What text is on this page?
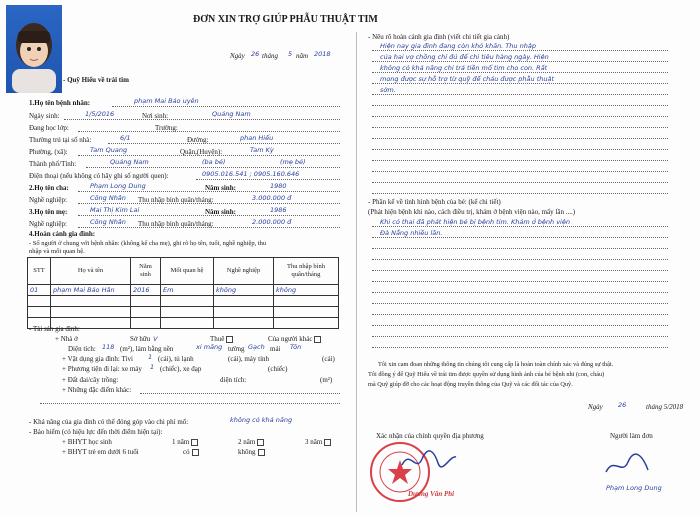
ĐƠN XIN TRỢ GIÚP PHẪU THUẬT TIM
Ngày 26 tháng 5 năm 2018
- Quỹ Hiểu về trái tim
1.Họ tên bệnh nhân:	phạm Mai Bảo uyên
Ngày sinh:	1/5/2016	Nơi sinh:	Quảng Nam
Đang học lớp:	Trường:
Thường trú tại số nhà:	6/1	Đường:	phan Hiếu
Phường, (xã):	Tam Quang	Quận,(Huyện):	Tam Kỳ
Thành phố/Tỉnh:	Quảng Nam	(ba bé)	(mẹ bé)
Điện thoại (nếu không có hãy ghi số người quen):	0905.016.541 ; 0905.160.646
2.Họ tên cha:	Phạm Long Dung	Năm sinh:	1980
Nghề nghiệp:	Công Nhân Thu nhập bình quân/tháng:	3.000.000 đ
3.Họ tên mẹ:	Mai Thị Kim Lai	Năm sinh:	1986
Nghề nghiệp:	Công Nhân Thu nhập bình quân/tháng:	2.000.000 đ
4.Hoàn cảnh gia đình:
- Số người ở chung với bệnh nhân: (không kể cha mẹ), ghi rõ họ tên, tuổi, nghề nghiệp, thu
nhập và mối quan hệ.
STT	Họ và tên	Năm sinh	Mối quan hệ	Nghề nghiệp	Thu nhập bình quân/tháng
01	phạm Mai Bảo Hân	2016	Em	không	không

- Tài sản gia đình:
+ Nhà ở	Sở hữu V	Thuê	Của người khác
Diện tích: 118 (m²), làm bằng nền	xi măng tường Gạch mái Tôn
+ Vật dụng gia đình: Tivi 1 (cái), tủ lạnh	(cái), máy tính	(cái)
+ Phương tiện đi lại: xe máy 1 (chiếc), xe đạp	(chiếc)
+ Đất đai/cây trồng:	diện tích:	(m²)
+ Những đặc điểm khác:
- Khả năng của gia đình có thể đóng góp vào chi phí mổ:	không có khả năng
- Bảo hiểm (có hiệu lực đến thời điểm hiện tại):
+ BHYT học sinh	1 năm	2 năm	3 năm
+ BHYT trẻ em dưới 6 tuổi	có	không
- Nêu rõ hoàn cảnh gia đình (viết chi tiết gia cảnh)
Hiện nay gia đình đang còn khó khăn. Thu nhập
của hai vợ chồng chỉ đủ để chi tiêu hàng ngày. Hiện
không có khả năng chi trả tiền mổ tim cho con. Rất
mong được sự hỗ trợ từ quỹ để cháu được phẫu thuật
sớm.
- Phần kể về tình hình bệnh của bé: (kể chi tiết)
(Phát hiện bệnh khi nào, cách điều trị, khám ở bệnh viện nào, mấy lần ....)
Khi có thai đã phát hiện bé bị bệnh tim. Khám ở bệnh viện
Đà Nẵng nhiều lần.
Tôi xin cam đoan những thông tin chúng tôi cung cấp là hoàn toàn chính xác và đúng sự thật.
Tôi đồng ý để Quỹ Hiểu về trái tim được quyền sử dụng hình ảnh của bé bệnh nhi (con, cháu)
mà Quỹ giúp đỡ cho các hoạt động truyền thông của Quỹ và các đối tác của Quỹ.
Ngày 26	tháng 5/2018
Xác nhận của chính quyền địa phương	Người làm đơn
Dương Văn Phi
Phạm Long Dung
